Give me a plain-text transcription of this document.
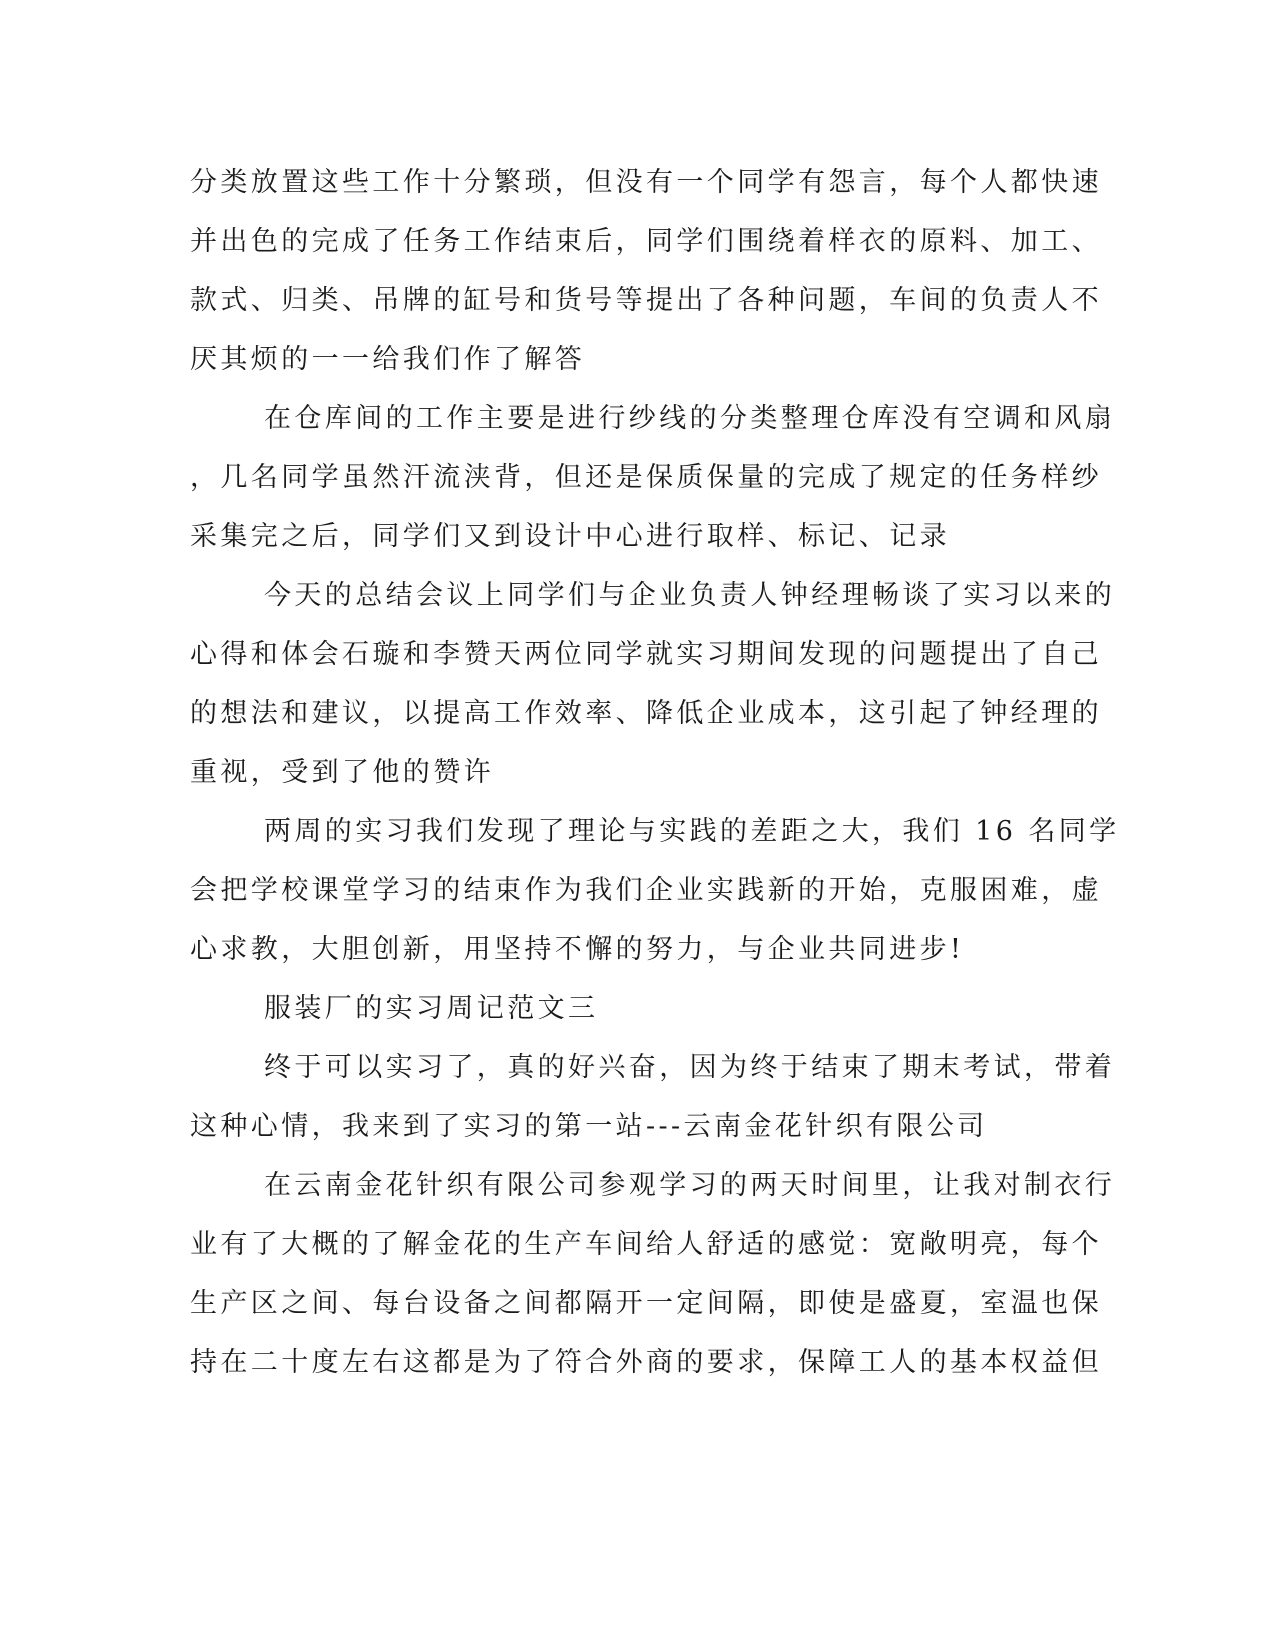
分类放置这些工作十分繁琐，但没有一个同学有怨言，每个人都快速
并出色的完成了任务工作结束后，同学们围绕着样衣的原料、加工、
款式、归类、吊牌的缸号和货号等提出了各种问题，车间的负责人不
厌其烦的一一给我们作了解答
在仓库间的工作主要是进行纱线的分类整理仓库没有空调和风扇
，几名同学虽然汗流浃背，但还是保质保量的完成了规定的任务样纱
采集完之后，同学们又到设计中心进行取样、标记、记录
今天的总结会议上同学们与企业负责人钟经理畅谈了实习以来的
心得和体会石璇和李赞天两位同学就实习期间发现的问题提出了自己
的想法和建议，以提高工作效率、降低企业成本，这引起了钟经理的
重视，受到了他的赞许
两周的实习我们发现了理论与实践的差距之大，我们 16 名同学
会把学校课堂学习的结束作为我们企业实践新的开始，克服困难，虚
心求教，大胆创新，用坚持不懈的努力，与企业共同进步!
服装厂的实习周记范文三
终于可以实习了，真的好兴奋，因为终于结束了期末考试，带着
这种心情，我来到了实习的第一站---云南金花针织有限公司
在云南金花针织有限公司参观学习的两天时间里，让我对制衣行
业有了大概的了解金花的生产车间给人舒适的感觉：宽敞明亮，每个
生产区之间、每台设备之间都隔开一定间隔，即使是盛夏，室温也保
持在二十度左右这都是为了符合外商的要求，保障工人的基本权益但
